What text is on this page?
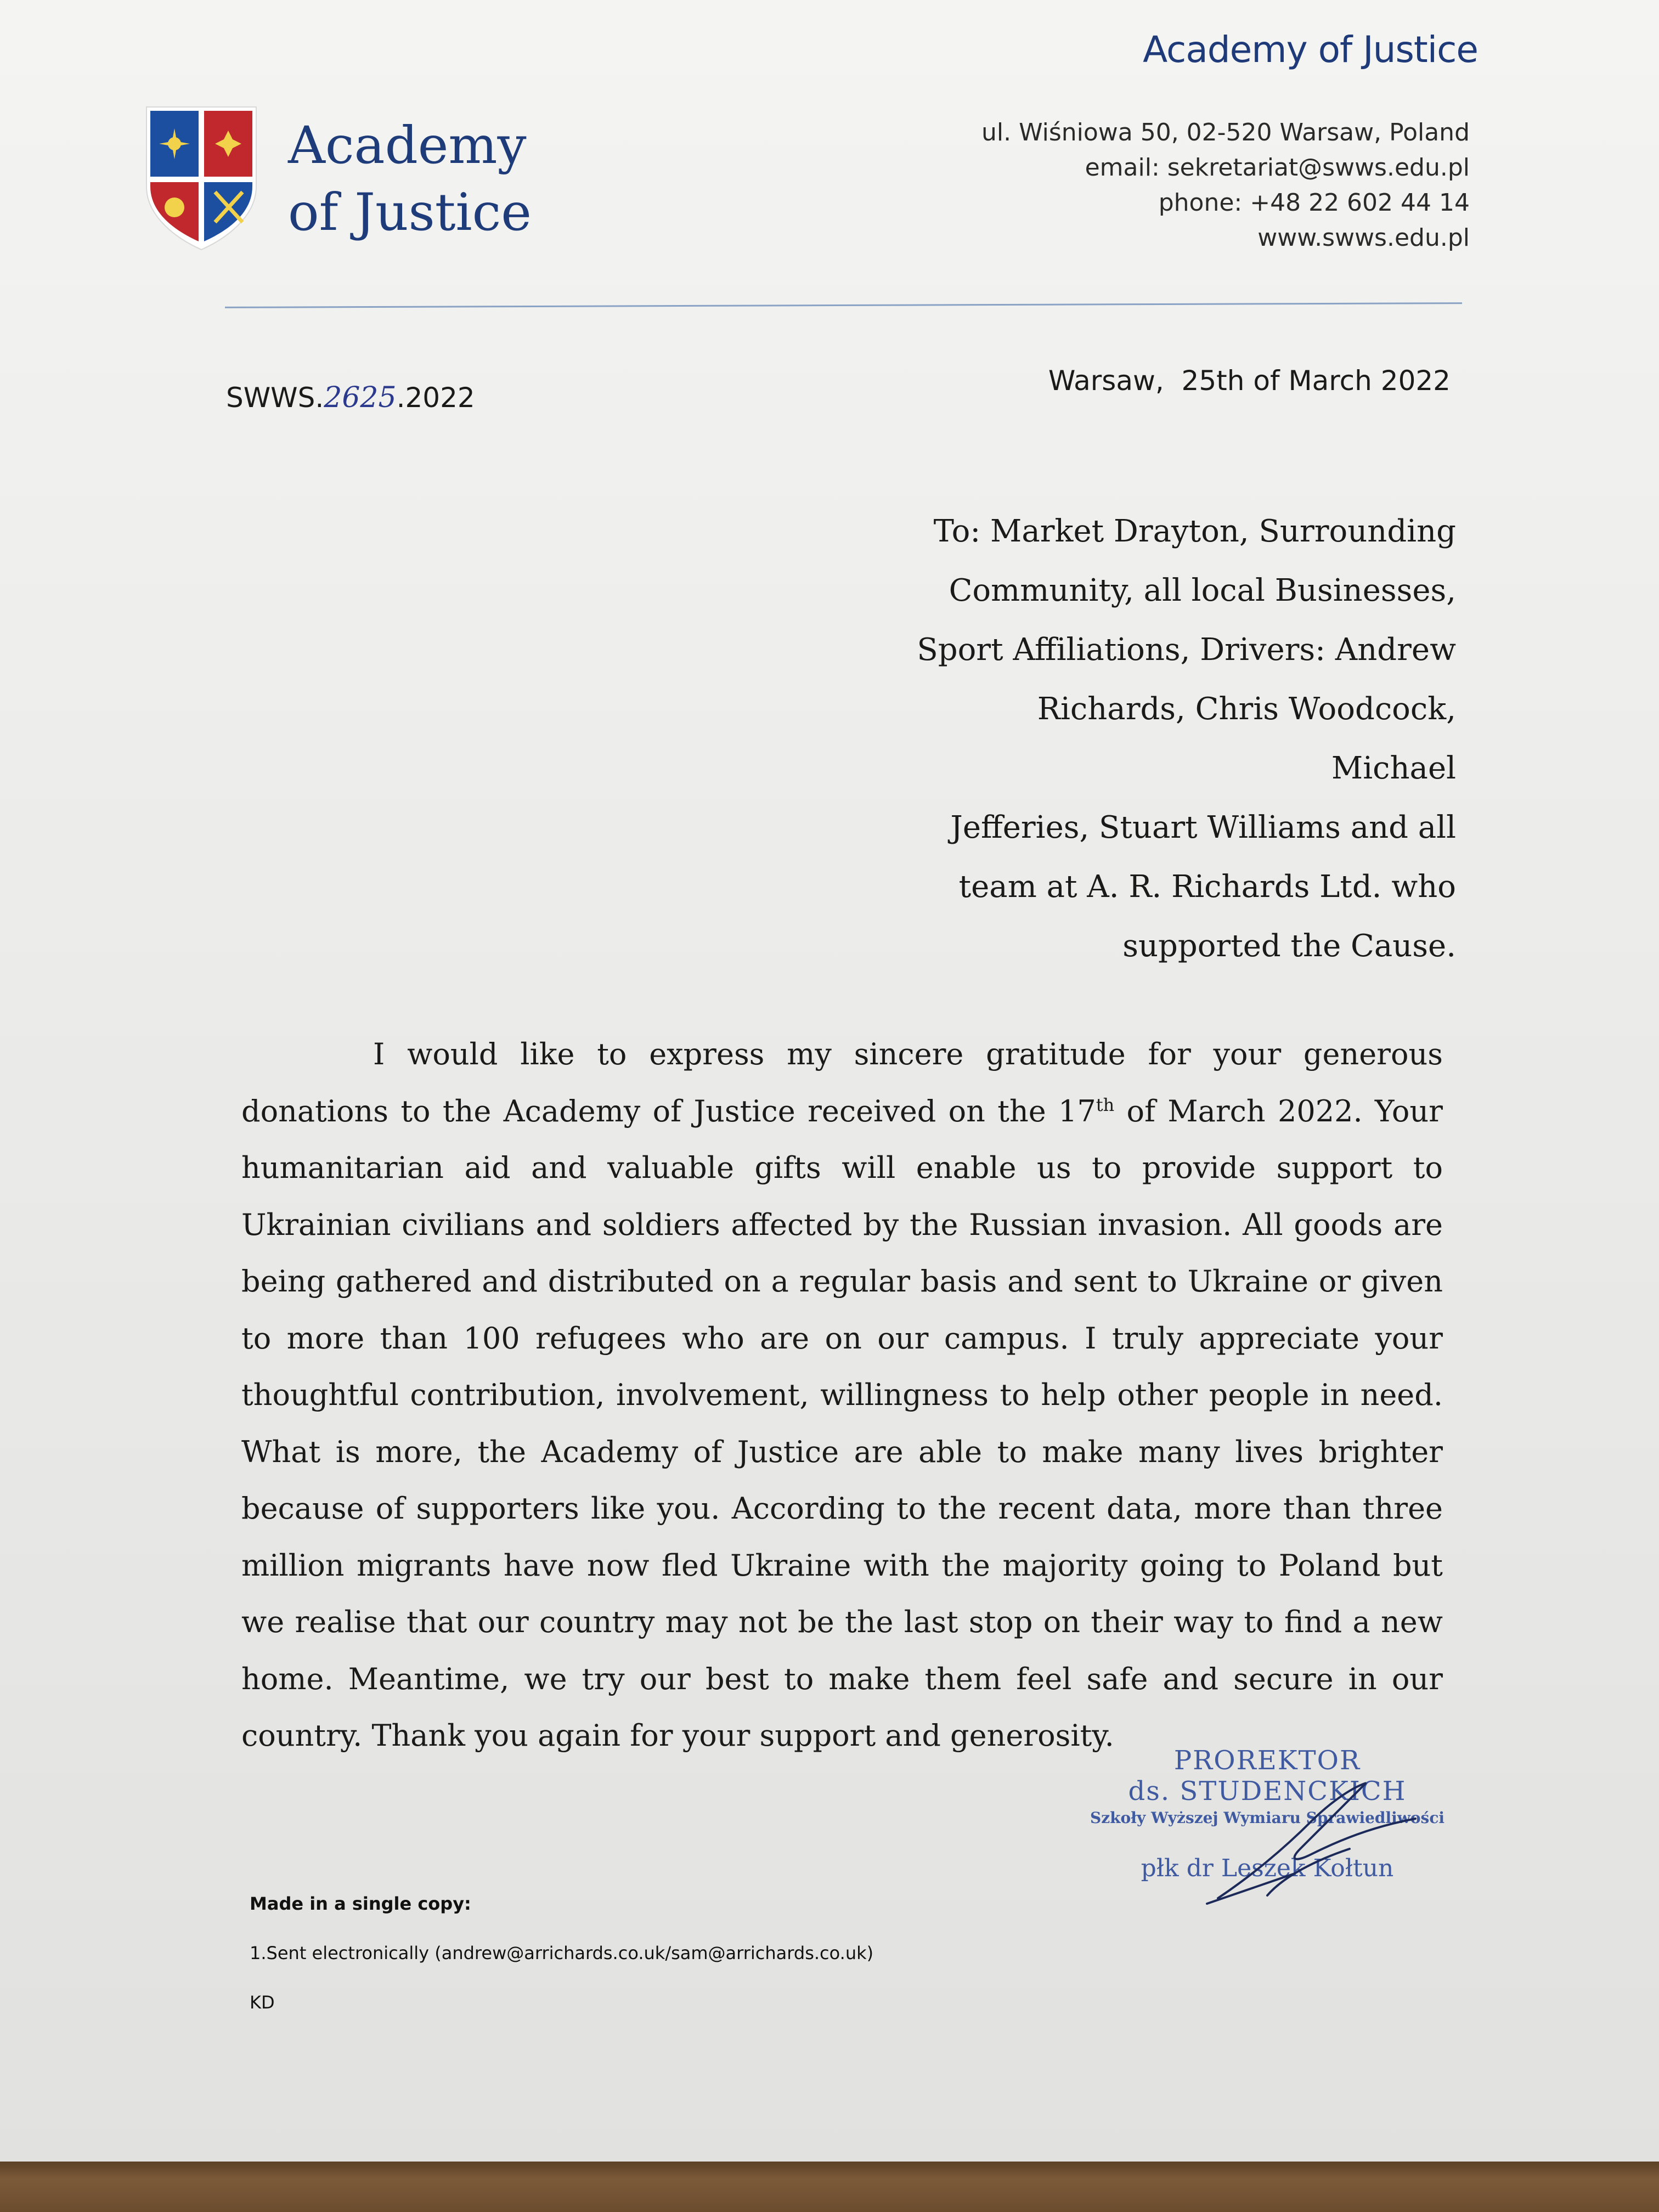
Academy
of Justice
Academy of Justice
ul. Wiśniowa 50, 02-520 Warsaw, Poland
email: sekretariat@swws.edu.pl
phone: +48 22 602 44 14
www.swws.edu.pl
SWWS.2625.2022
Warsaw,  25th of March 2022
To: Market Drayton, Surrounding
Community, all local Businesses,
Sport Affiliations, Drivers: Andrew
Richards, Chris Woodcock, Michael
Jefferies, Stuart Williams and all
team at A. R. Richards Ltd. who
supported the Cause.
I would like to express my sincere gratitude for your generous donations to the Academy of Justice received on the 17th of March 2022. Your humanitarian aid and valuable gifts will enable us to provide support to Ukrainian civilians and soldiers affected by the Russian invasion. All goods are being gathered and distributed on a regular basis and sent to Ukraine or given to more than 100 refugees who are on our campus. I truly appreciate your thoughtful contribution, involvement, willingness to help other people in need. What is more, the Academy of Justice are able to make many lives brighter because of supporters like you. According to the recent data, more than three million migrants have now fled Ukraine with the majority going to Poland but we realise that our country may not be the last stop on their way to find a new home. Meantime, we try our best to make them feel safe and secure in our country. Thank you again for your support and generosity.
PROREKTOR
ds. STUDENCKICH
Szkoły Wyższej Wymiaru Sprawiedliwości
płk dr Leszek Kołtun
Made in a single copy:
1.Sent electronically (andrew@arrichards.co.uk/sam@arrichards.co.uk)
KD
